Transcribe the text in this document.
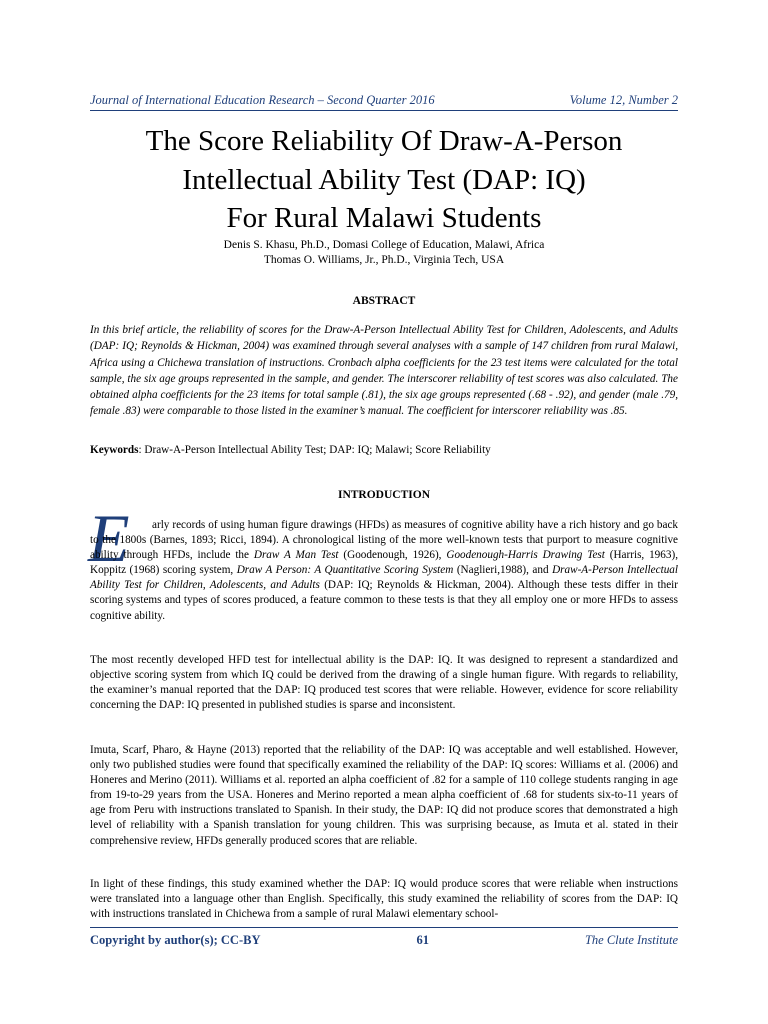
Journal of International Education Research – Second Quarter 2016	Volume 12, Number 2
The Score Reliability Of Draw-A-Person
Intellectual Ability Test (DAP: IQ)
For Rural Malawi Students
Denis S. Khasu, Ph.D., Domasi College of Education, Malawi, Africa
Thomas O. Williams, Jr., Ph.D., Virginia Tech, USA
ABSTRACT

In this brief article, the reliability of scores for the Draw-A-Person Intellectual Ability Test for Children, Adolescents, and Adults (DAP: IQ; Reynolds & Hickman, 2004) was examined through several analyses with a sample of 147 children from rural Malawi, Africa using a Chichewa translation of instructions. Cronbach alpha coefficients for the 23 test items were calculated for the total sample, the six age groups represented in the sample, and gender. The interscorer reliability of test scores was also calculated. The obtained alpha coefficients for the 23 items for total sample (.81), the six age groups represented (.68 - .92), and gender (male .79, female .83) were comparable to those listed in the examiner’s manual. The coefficient for interscorer reliability was .85.

Keywords: Draw-A-Person Intellectual Ability Test; DAP: IQ; Malawi; Score Reliability

INTRODUCTION
E	arly records of using human figure drawings (HFDs) as measures of cognitive ability have a rich history and go back to the 1800s (Barnes, 1893; Ricci, 1894). A chronological listing of the more well-known tests that purport to measure cognitive ability through HFDs, include the Draw A Man Test (Goodenough, 1926), Goodenough-Harris Drawing Test (Harris, 1963), Koppitz (1968) scoring system, Draw A Person: A Quantitative Scoring System (Naglieri,1988), and Draw-A-Person Intellectual Ability Test for Children, Adolescents, and Adults (DAP: IQ; Reynolds & Hickman, 2004). Although these tests differ in their scoring systems and types of scores produced, a feature common to these tests is that they all employ one or more HFDs to assess cognitive ability.

The most recently developed HFD test for intellectual ability is the DAP: IQ. It was designed to represent a standardized and objective scoring system from which IQ could be derived from the drawing of a single human figure. With regards to reliability, the examiner’s manual reported that the DAP: IQ produced test scores that were reliable. However, evidence for score reliability concerning the DAP: IQ presented in published studies is sparse and inconsistent.

Imuta, Scarf, Pharo, & Hayne (2013) reported that the reliability of the DAP: IQ was acceptable and well established. However, only two published studies were found that specifically examined the reliability of the DAP: IQ scores: Williams et al. (2006) and Honeres and Merino (2011). Williams et al. reported an alpha coefficient of .82 for a sample of 110 college students ranging in age from 19-to-29 years from the USA. Honeres and Merino reported a mean alpha coefficient of .68 for students six-to-11 years of age from Peru with instructions translated to Spanish. In their study, the DAP: IQ did not produce scores that demonstrated a high level of reliability with a Spanish translation for young children. This was surprising because, as Imuta et al. stated in their comprehensive review, HFDs generally produced scores that are reliable.

In light of these findings, this study examined whether the DAP: IQ would produce scores that were reliable when instructions were translated into a language other than English. Specifically, this study examined the reliability of scores from the DAP: IQ with instructions translated in Chichewa from a sample of rural Malawi elementary school-

Copyright by author(s); CC-BY	61	The Clute Institute
